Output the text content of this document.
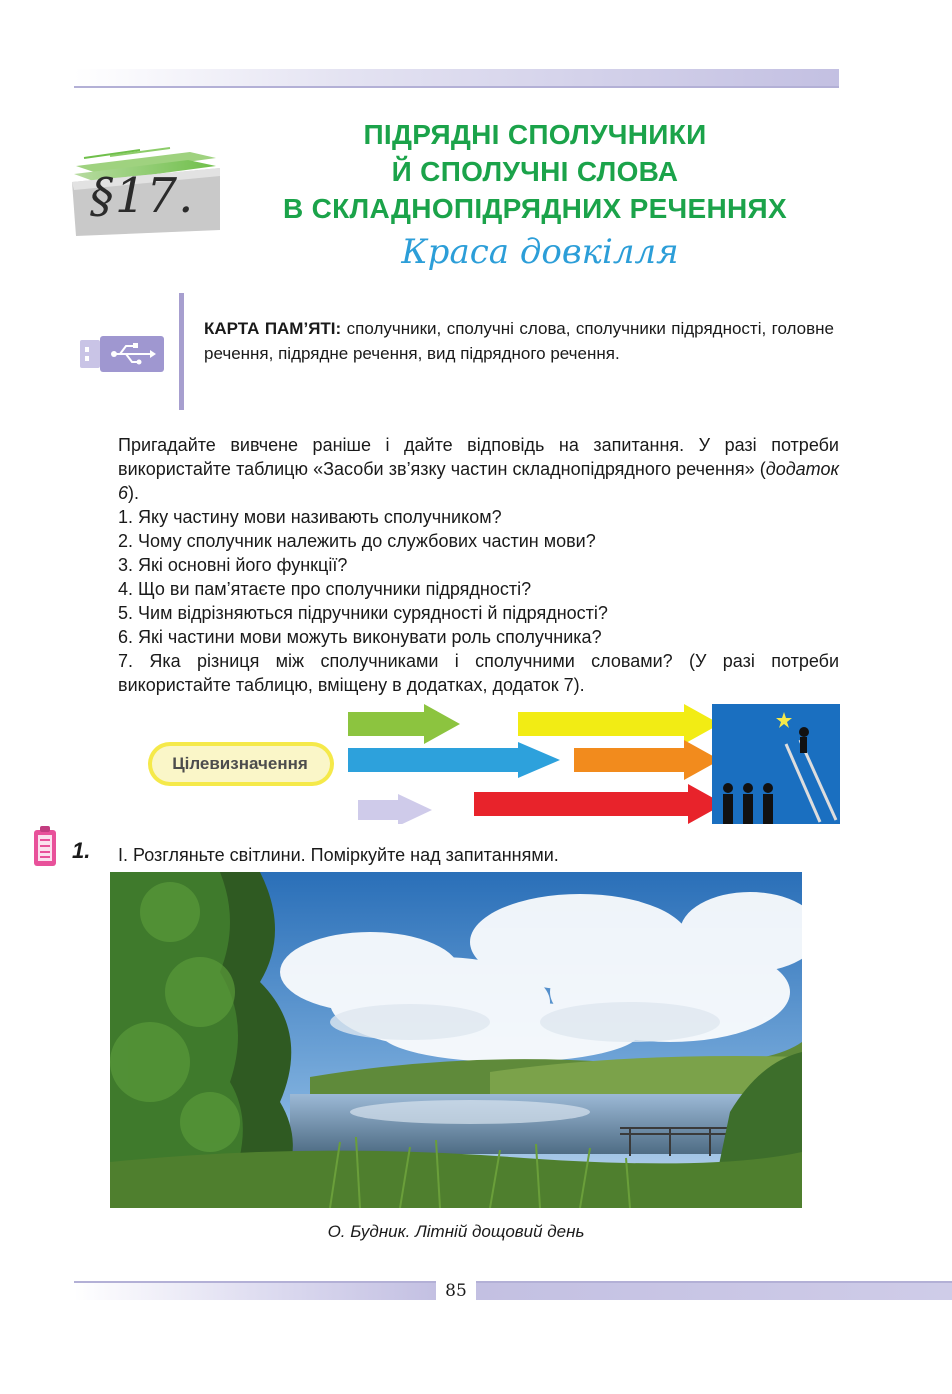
§17.
ПІДРЯДНІ СПОЛУЧНИКИ
Й СПОЛУЧНІ СЛОВА
В СКЛАДНОПІДРЯДНИХ РЕЧЕННЯХ
Краса довкілля
КАРТА ПАМ’ЯТІ: сполучники, сполучні слова, сполучники підрядності, головне речення, підрядне речення, вид підрядного речення.

Пригадайте вивчене раніше і дайте відповідь на запитання. У разі потреби використайте таблицю «Засоби зв’язку частин складнопідрядного речення» (додаток 6).

1. Яку частину мови називають сполучником?

2. Чому сполучник належить до службових частин мови?

3. Які основні його функції?

4. Що ви пам’ятаєте про сполучники підрядності?

5. Чим відрізняються підручники сурядності й підрядності?

6. Які частини мови можуть виконувати роль сполучника?

7. Яка різниця між сполучниками і сполучними словами? (У разі потреби використайте таблицю, вміщену в додатках, додаток 7).

Цілевизначення
1. І. Розгляньте світлини. Поміркуйте над запитаннями.
О. Будник. Літній дощовий день
85
